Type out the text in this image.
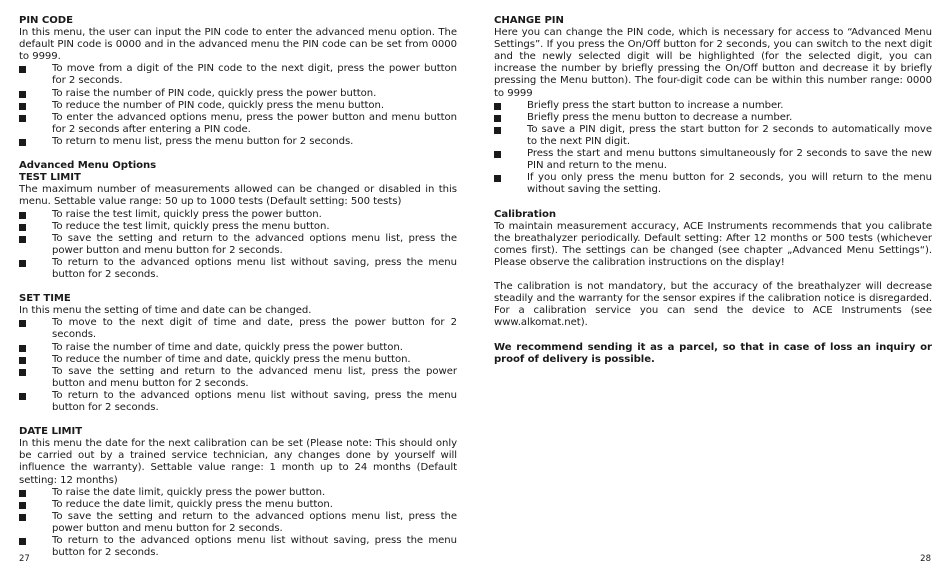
PIN CODE

In this menu, the user can input the PIN code to enter the advanced menu option. The default PIN code is 0000 and in the advanced menu the PIN code can be set from 0000 to 9999.

To move from a digit of the PIN code to the next digit, press the power button for 2 seconds.
To raise the number of PIN code, quickly press the power button.
To reduce the number of PIN code, quickly press the menu button.
To enter the advanced options menu, press the power button and menu button for 2 seconds after entering a PIN code.
To return to menu list, press the menu button for 2 seconds.

Advanced Menu Options

TEST LIMIT

The maximum number of measurements allowed can be changed or disabled in this menu. Settable value range: 50 up to 1000 tests (Default setting: 500 tests)

To raise the test limit, quickly press the power button.
To reduce the test limit, quickly press the menu button.
To save the setting and return to the advanced options menu list, press the power button and menu button for 2 seconds.
To return to the advanced options menu list without saving, press the menu button for 2 seconds.

SET TIME

In this menu the setting of time and date can be changed.

To move to the next digit of time and date, press the power button for 2 seconds.
To raise the number of time and date, quickly press the power button.
To reduce the number of time and date, quickly press the menu button.
To save the setting and return to the advanced menu list, press the power button and menu button for 2 seconds.
To return to the advanced options menu list without saving, press the menu button for 2 seconds.

DATE LIMIT

In this menu the date for the next calibration can be set (Please note: This should only be carried out by a trained service technician, any changes done by yourself will influence the warranty). Settable value range: 1 month up to 24 months (Default setting: 12 months)

To raise the date limit, quickly press the power button.
To reduce the date limit, quickly press the menu button.
To save the setting and return to the advanced options menu list, press the power button and menu button for 2 seconds.
To return to the advanced options menu list without saving, press the menu button for 2 seconds.

CHANGE PIN

Here you can change the PIN code, which is necessary for access to “Advanced Menu Settings”. If you press the On/Off button for 2 seconds, you can switch to the next digit and the newly selected digit will be highlighted (for the selected digit, you can increase the number by briefly pressing the On/Off button and decrease it by briefly pressing the Menu button). The four-digit code can be within this number range: 0000 to 9999

Briefly press the start button to increase a number.
Briefly press the menu button to decrease a number.
To save a PIN digit, press the start button for 2 seconds to automatically move to the next PIN digit.
Press the start and menu buttons simultaneously for 2 seconds to save the new PIN and return to the menu.
If you only press the menu button for 2 seconds, you will return to the menu without saving the setting.

Calibration

To maintain measurement accuracy, ACE Instruments recommends that you calibrate the breathalyzer periodically. Default setting: After 12 months or 500 tests (whichever comes first). The settings can be changed (see chapter „Advanced Menu Settings“). Please observe the calibration instructions on the display!

The calibration is not mandatory, but the accuracy of the breathalyzer will decrease steadily and the warranty for the sensor expires if the calibration notice is disregarded. For a calibration service you can send the device to ACE Instruments (see www.alkomat.net).

We recommend sending it as a parcel, so that in case of loss an inquiry or proof of delivery is possible.

27	28
